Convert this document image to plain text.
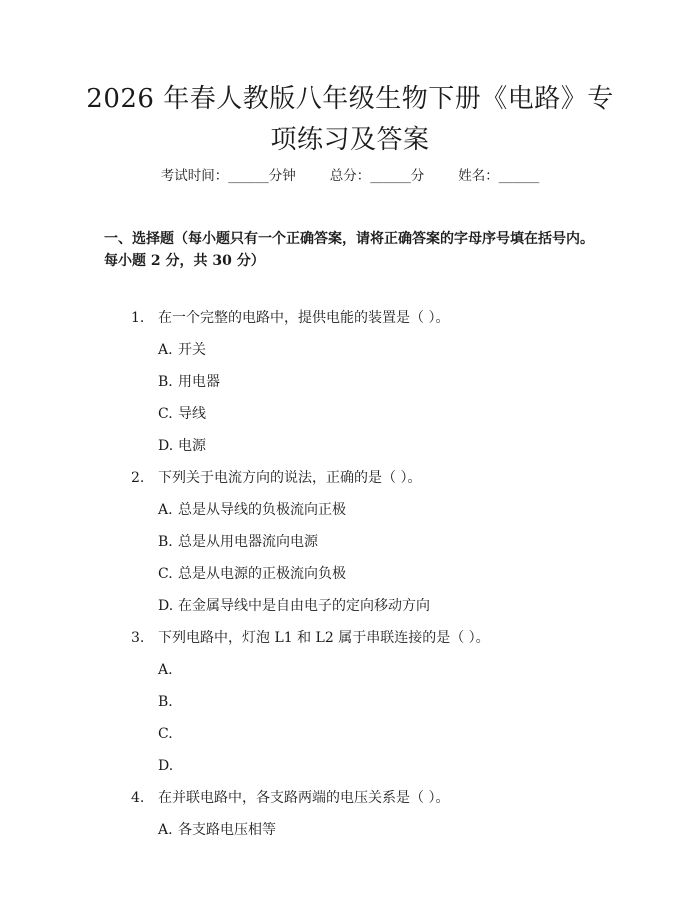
2026 年春人教版八年级生物下册《电路》专
项练习及答案
考试时间：______分钟	总分：______分	姓名：______
一、选择题（每小题只有一个正确答案，请将正确答案的字母序号填在括号内。
每小题 2 分，共 30 分）
1. 在一个完整的电路中，提供电能的装置是（ ）。
A. 开关
B. 用电器
C. 导线
D. 电源
2. 下列关于电流方向的说法，正确的是（ ）。
A. 总是从导线的负极流向正极
B. 总是从用电器流向电源
C. 总是从电源的正极流向负极
D. 在金属导线中是自由电子的定向移动方向
3. 下列电路中，灯泡 L1 和 L2 属于串联连接的是（ ）。
A.
B.
C.
D.
4. 在并联电路中，各支路两端的电压关系是（ ）。
A. 各支路电压相等
